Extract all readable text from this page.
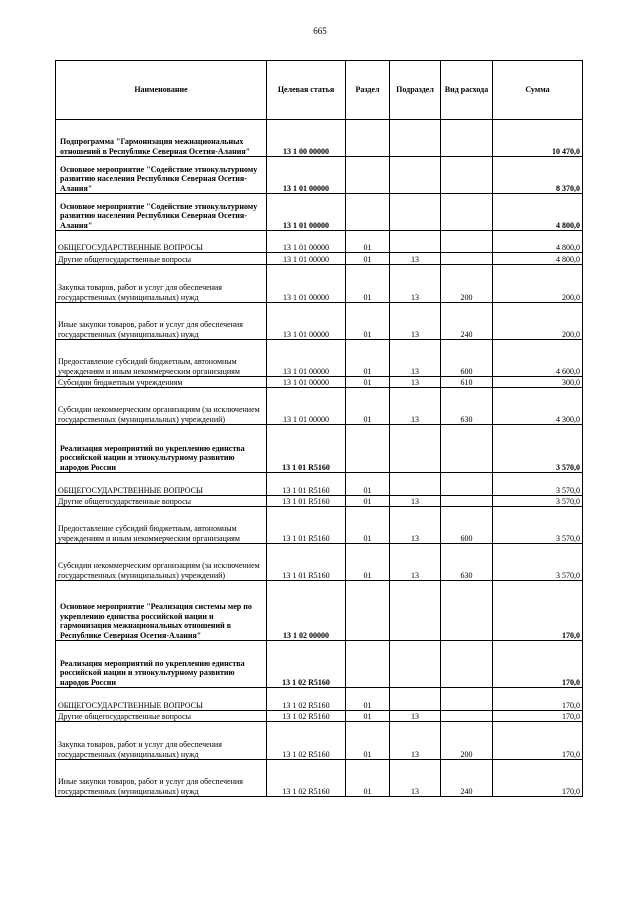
665
Наименование	Целевая статья	Раздел	Подраздел	Вид расхода	Сумма
Подпрограмма "Гармонизация межнациональных отношений в Республике Северная Осетия-Алания"	13 1 00 00000				10 470,0
Основное мероприятие "Содействие этнокультурному развитию населения Республики Северная Осетия-Алания"	13 1 01 00000				8 370,0
Основное мероприятие "Содействие этнокультурному развитию населения Республики Северная Осетия-Алания"	13 1 01 00000				4 800,0
ОБЩЕГОСУДАРСТВЕННЫЕ ВОПРОСЫ	13 1 01 00000	01			4 800,0
Другие общегосударственные вопросы	13 1 01 00000	01	13		4 800,0
Закупка товаров, работ и услуг для обеспечения государственных (муниципальных) нужд	13 1 01 00000	01	13	200	200,0
Иные закупки товаров, работ и услуг для обеспечения государственных (муниципальных) нужд	13 1 01 00000	01	13	240	200,0
Предоставление субсидий бюджетным, автономным учреждениям и иным некоммерческим организациям	13 1 01 00000	01	13	600	4 600,0
Субсидии бюджетным учреждениям	13 1 01 00000	01	13	610	300,0
Субсидии некоммерческим организациям (за исключением государственных (муниципальных) учреждений)	13 1 01 00000	01	13	630	4 300,0
Реализация мероприятий по укреплению единства российской нации и этнокультурному развитию народов России	13 1 01 R5160				3 570,0
ОБЩЕГОСУДАРСТВЕННЫЕ ВОПРОСЫ	13 1 01 R5160	01			3 570,0
Другие общегосударственные вопросы	13 1 01 R5160	01	13		3 570,0
Предоставление субсидий бюджетным, автономным учреждениям и иным некоммерческим организациям	13 1 01 R5160	01	13	600	3 570,0
Субсидии некоммерческим организациям (за исключением государственных (муниципальных) учреждений)	13 1 01 R5160	01	13	630	3 570,0
Основное мероприятие "Реализация системы мер по укреплению единства российской нации и гармонизация межнациональных отношений в Республике Северная Осетия-Алания"	13 1 02 00000				170,0
Реализация мероприятий по укреплению единства российской нации и этнокультурному развитию народов России	13 1 02 R5160				170,0
ОБЩЕГОСУДАРСТВЕННЫЕ ВОПРОСЫ	13 1 02 R5160	01			170,0
Другие общегосударственные вопросы	13 1 02 R5160	01	13		170,0
Закупка товаров, работ и услуг для обеспечения государственных (муниципальных) нужд	13 1 02 R5160	01	13	200	170,0
Иные закупки товаров, работ и услуг для обеспечения государственных (муниципальных) нужд	13 1 02 R5160	01	13	240	170,0
